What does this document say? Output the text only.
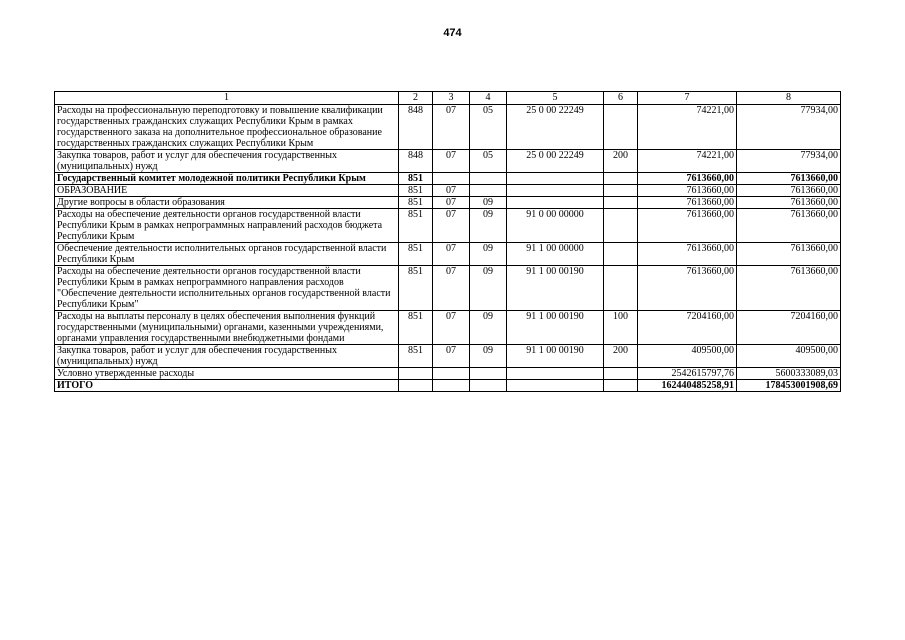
474
1	2	3	4	5	6	7	8
Расходы на профессиональную переподготовку и повышение квалификации государственных гражданских служащих Республики Крым в рамках государственного заказа на дополнительное профессиональное образование государственных гражданских служащих Республики Крым	848	07	05	25 0 00 22249		74221,00	77934,00
Закупка товаров, работ и услуг для обеспечения государственных (муниципальных) нужд	848	07	05	25 0 00 22249	200	74221,00	77934,00
Государственный комитет молодежной политики Республики Крым	851					7613660,00	7613660,00
ОБРАЗОВАНИЕ	851	07				7613660,00	7613660,00
Другие вопросы в области образования	851	07	09			7613660,00	7613660,00
Расходы на обеспечение деятельности органов государственной власти Республики Крым в рамках непрограммных направлений расходов бюджета Республики Крым	851	07	09	91 0 00 00000		7613660,00	7613660,00
Обеспечение деятельности исполнительных органов государственной власти Республики Крым	851	07	09	91 1 00 00000		7613660,00	7613660,00
Расходы на обеспечение деятельности органов государственной власти Республики Крым в рамках непрограммного направления расходов "Обеспечение деятельности исполнительных органов государственной власти Республики Крым"	851	07	09	91 1 00 00190		7613660,00	7613660,00
Расходы на выплаты персоналу в целях обеспечения выполнения функций государственными (муниципальными) органами, казенными учреждениями, органами управления государственными внебюджетными фондами	851	07	09	91 1 00 00190	100	7204160,00	7204160,00
Закупка товаров, работ и услуг для обеспечения государственных (муниципальных) нужд	851	07	09	91 1 00 00190	200	409500,00	409500,00
Условно утвержденные расходы						2542615797,76	5600333089,03
ИТОГО						162440485258,91	178453001908,69
